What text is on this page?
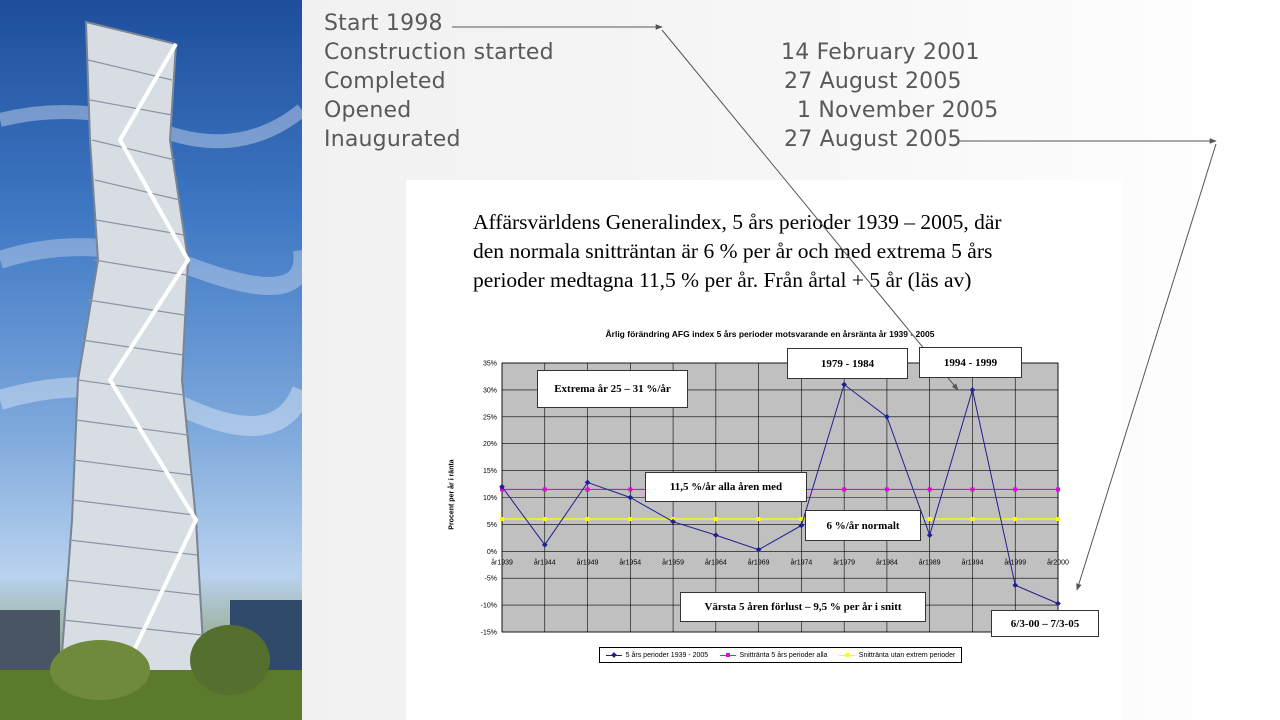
Start 1998
Construction started	14 February 2001
Completed	27 August 2005
Opened	1 November 2005
Inaugurated	27 August 2005
Affärsvärldens Generalindex, 5 års perioder 1939 – 2005, där
den normala snitträntan är 6 % per år och med extrema 5 års
perioder medtagna 11,5 % per år. Från årtal + 5 år (läs av)
Årlig förändring AFG index 5 års perioder motsvarande en årsränta år 1939 - 2005
Procent per år i ränta
35%
30%
25%
20%
15%
10%
5%
0%
-5%
-10%
-15%
år1939	år1944	år1949	år1954	år1959	år1964	år1969	år1974	år1979	år1984	år1989	år1994	år1999	år2000
Extrema år 25 – 31 %/år
1979 - 1984	1994 - 1999
11,5 %/år alla åren med
6 %/år normalt
Värsta 5 åren förlust – 9,5 % per år i snitt
6/3-00 – 7/3-05
5 års perioder 1939 - 2005	Snittränta 5 års perioder alla	Snittränta utan extrem perioder
